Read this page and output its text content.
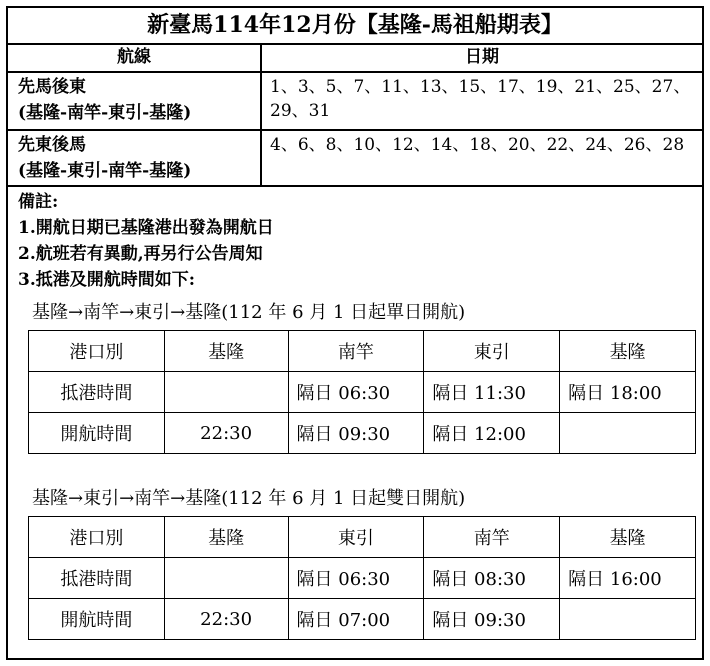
新臺馬114年12月份【基隆-馬祖船期表】
航線	日期
先馬後東
(基隆-南竿-東引-基隆)
1、3、5、7、11、13、15、17、19、21、25、27、29、31
先東後馬
(基隆-東引-南竿-基隆)
4、6、8、10、12、14、18、20、22、24、26、28
備註:
1.開航日期已基隆港出發為開航日
2.航班若有異動,再另行公告周知
3.抵港及開航時間如下:
基隆→南竿→東引→基隆(112 年 6 月 1 日起單日開航)
港口別	基隆	南竿	東引	基隆
抵港時間		隔日 06:30	隔日 11:30	隔日 18:00
開航時間	22:30	隔日 09:30	隔日 12:00	
基隆→東引→南竿→基隆(112 年 6 月 1 日起雙日開航)
港口別	基隆	東引	南竿	基隆
抵港時間		隔日 06:30	隔日 08:30	隔日 16:00
開航時間	22:30	隔日 07:00	隔日 09:30	
